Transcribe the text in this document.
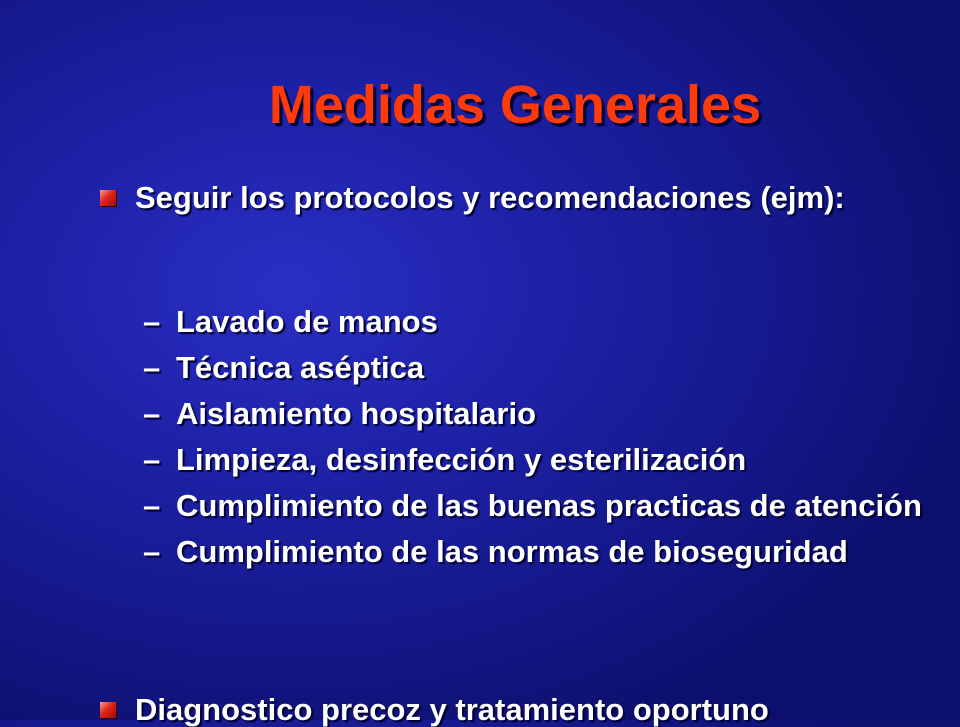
Medidas Generales
Seguir los protocolos y recomendaciones (ejm):
– Lavado de manos
– Técnica aséptica
– Aislamiento hospitalario
– Limpieza, desinfección y esterilización
– Cumplimiento de las buenas practicas de atención
– Cumplimiento de las normas de bioseguridad
Diagnostico precoz y tratamiento oportuno
